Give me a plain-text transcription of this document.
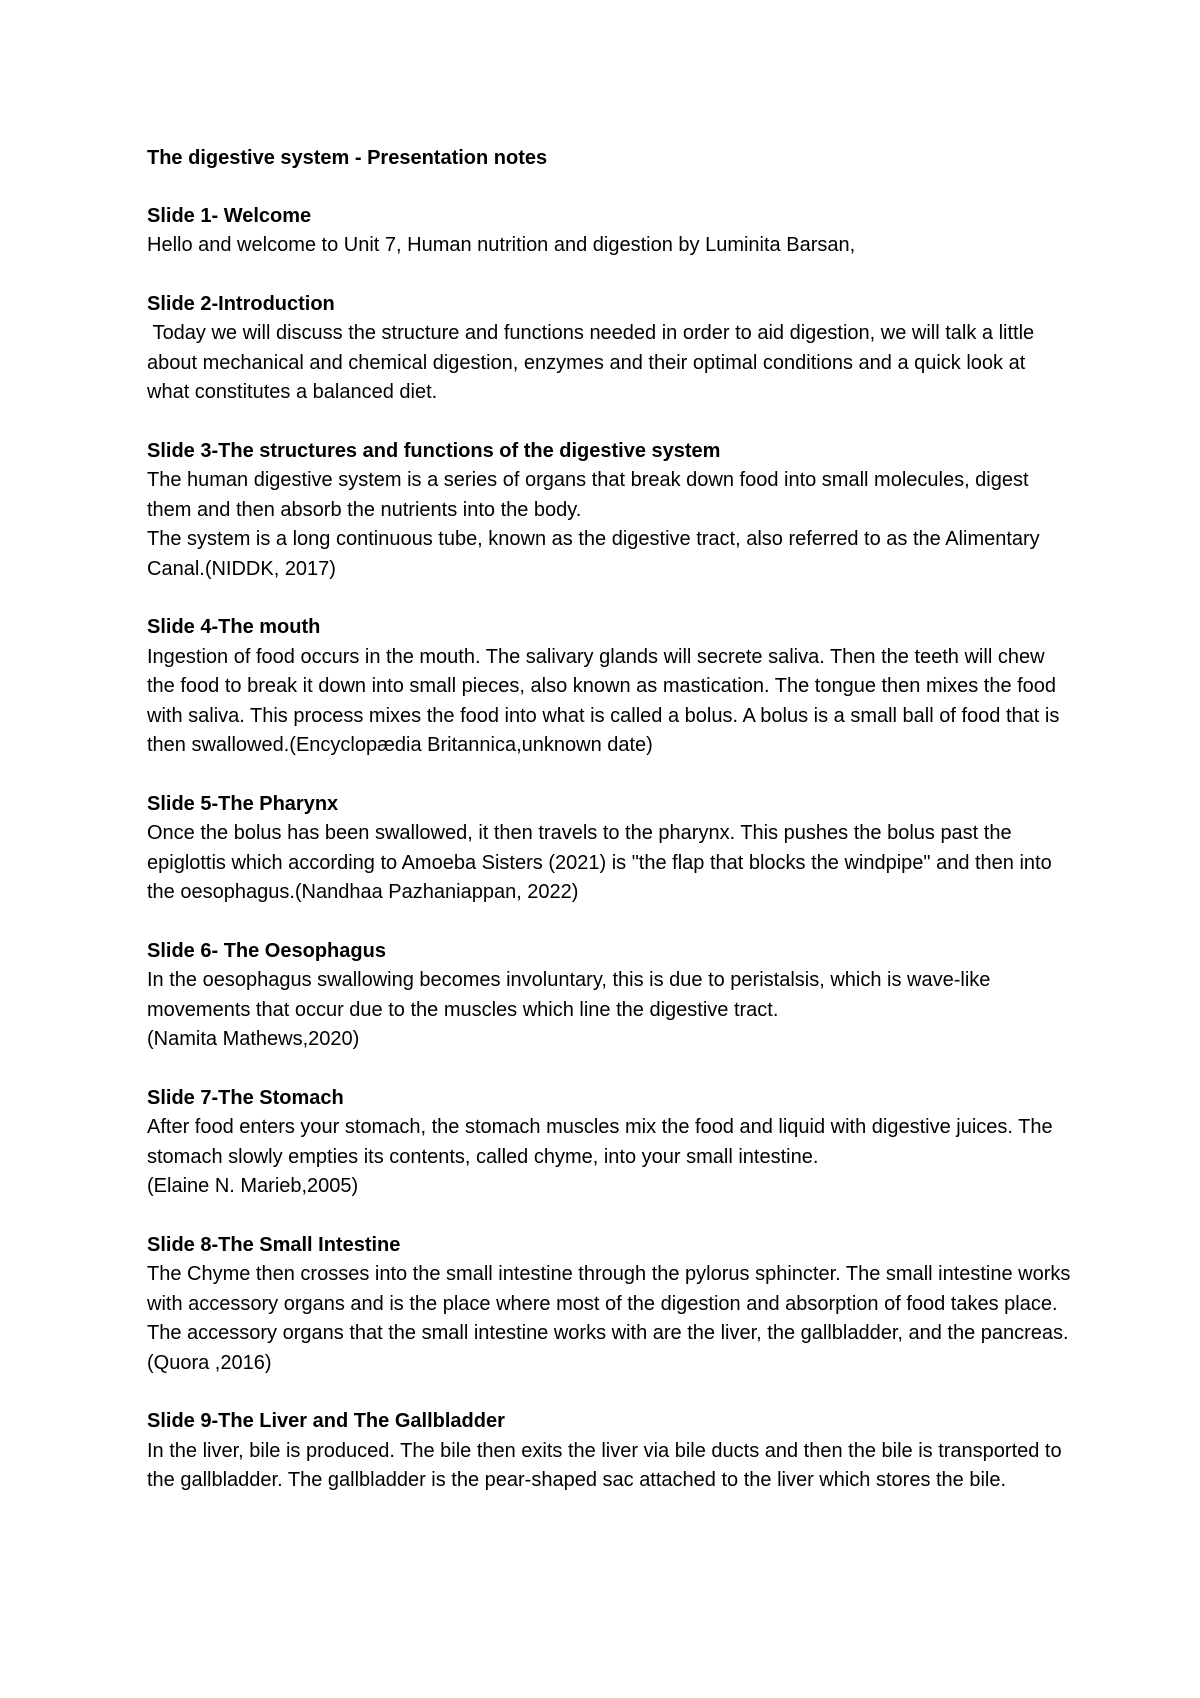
The digestive system - Presentation notes
Slide 1- Welcome
Hello and welcome to Unit 7, Human nutrition and digestion by Luminita Barsan,
Slide 2-Introduction
Today we will discuss the structure and functions needed in order to aid digestion, we will talk a little about mechanical and chemical digestion, enzymes and their optimal conditions and a quick look at what constitutes a balanced diet.
Slide 3-The structures and functions of the digestive system
The human digestive system is a series of organs that break down food into small molecules, digest them and then absorb the nutrients into the body.
The system is a long continuous tube, known as the digestive tract, also referred to as the Alimentary Canal.(NIDDK, 2017)
Slide 4-The mouth
Ingestion of food occurs in the mouth. The salivary glands will secrete saliva. Then the teeth will chew the food to break it down into small pieces, also known as mastication. The tongue then mixes the food with saliva. This process mixes the food into what is called a bolus. A bolus is a small ball of food that is then swallowed.(Encyclopædia Britannica,unknown date)
Slide 5-The Pharynx
Once the bolus has been swallowed, it then travels to the pharynx. This pushes the bolus past the epiglottis which according to Amoeba Sisters (2021) is "the flap that blocks the windpipe" and then into the oesophagus.(Nandhaa Pazhaniappan, 2022)
Slide 6- The Oesophagus
In the oesophagus swallowing becomes involuntary, this is due to peristalsis, which is wave-like movements that occur due to the muscles which line the digestive tract.
(Namita Mathews,2020)
Slide 7-The Stomach
After food enters your stomach, the stomach muscles mix the food and liquid with digestive juices. The stomach slowly empties its contents, called chyme, into your small intestine.
(Elaine N. Marieb,2005)
Slide 8-The Small Intestine
The Chyme then crosses into the small intestine through the pylorus sphincter. The small intestine works with accessory organs and is the place where most of the digestion and absorption of food takes place.
The accessory organs that the small intestine works with are the liver, the gallbladder, and the pancreas.(Quora ,2016)
Slide 9-The Liver and The Gallbladder
In the liver, bile is produced. The bile then exits the liver via bile ducts and then the bile is transported to the gallbladder. The gallbladder is the pear-shaped sac attached to the liver which stores the bile.
